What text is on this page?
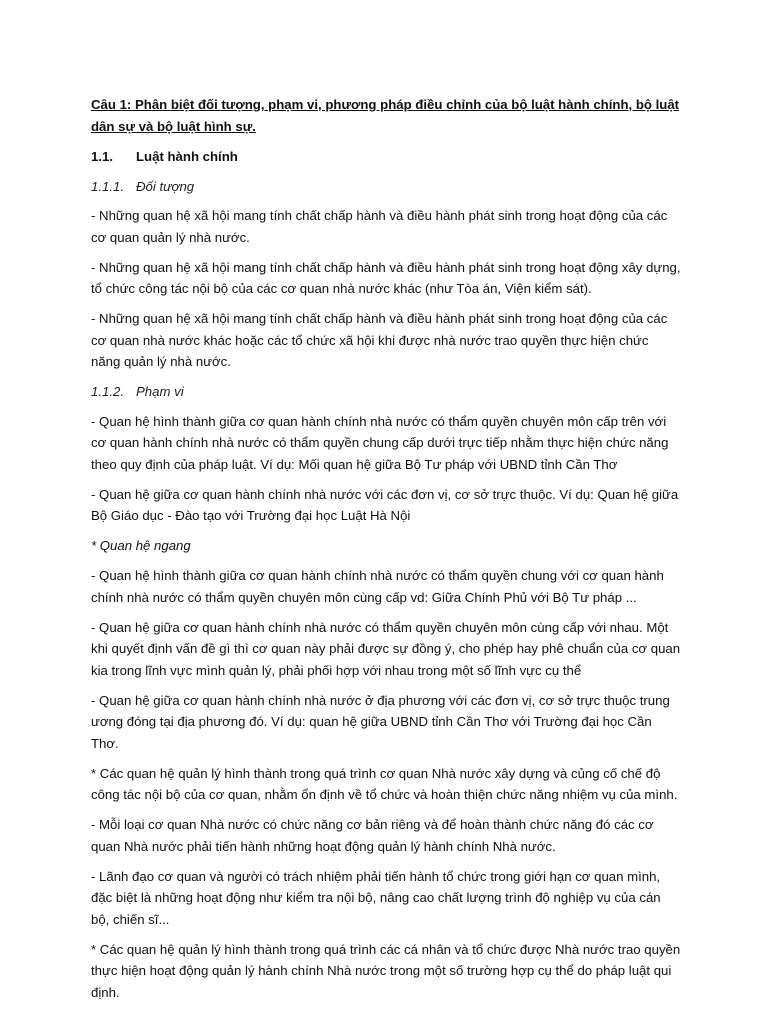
Câu 1: Phân biệt đối tượng, phạm vi, phương pháp điều chỉnh của bộ luật hành chính, bộ luật dân sự và bộ luật hình sự.
1.1.	Luật hành chính
1.1.1. Đối tượng
- Những quan hệ xã hội mang tính chất chấp hành và điều hành phát sinh trong hoạt động của các cơ quan quản lý nhà nước.
- Những quan hệ xã hội mang tính chất chấp hành và điều hành phát sinh trong hoạt động xây dựng, tổ chức công tác nội bộ của các cơ quan nhà nước khác (như Tòa án, Viện kiểm sát).
- Những quan hệ xã hội mang tính chất chấp hành và điều hành phát sinh trong hoạt động của các cơ quan nhà nước khác hoặc các tổ chức xã hội khi được nhà nước trao quyền thực hiện chức năng quản lý nhà nước.
1.1.2. Phạm vi
- Quan hệ hình thành giữa cơ quan hành chính nhà nước có thẩm quyền chuyên môn cấp trên với cơ quan hành chính nhà nước có thẩm quyền chung cấp dưới trực tiếp nhằm thực hiện chức năng theo quy định của pháp luật. Ví dụ: Mối quan hệ giữa Bộ Tư pháp với UBND tỉnh Cần Thơ
- Quan hệ giữa cơ quan hành chính nhà nước với các đơn vị, cơ sở trực thuộc. Ví dụ: Quan hệ giữa Bộ Giáo dục - Đào tạo với Trường đại học Luật Hà Nội
* Quan hệ ngang
- Quan hệ hình thành giữa cơ quan hành chính nhà nước có thẩm quyền chung với cơ quan hành chính nhà nước có thẩm quyền chuyên môn cùng cấp vd: Giữa Chính Phủ với Bộ Tư pháp ...
- Quan hệ giữa cơ quan hành chính nhà nước có thẩm quyền chuyên môn cùng cấp với nhau. Một khi quyết định vấn đề gì thì cơ quan này phải được sự đồng ý, cho phép hay phê chuẩn của cơ quan kia trong lĩnh vực mình quản lý, phải phối hợp với nhau trong một số lĩnh vực cụ thể
- Quan hệ giữa cơ quan hành chính nhà nước ở địa phương với các đơn vị, cơ sở trực thuộc trung ương đóng tại địa phương đó. Ví dụ: quan hệ giữa UBND tỉnh Cần Thơ với Trường đại học Cần Thơ.
* Các quan hệ quản lý hình thành trong quá trình cơ quan Nhà nước xây dựng và củng cố chế độ công tác nội bộ của cơ quan, nhằm ổn định về tổ chức và hoàn thiện chức năng nhiệm vụ của mình.
- Mỗi loại cơ quan Nhà nước có chức năng cơ bản riêng và để hoàn thành chức năng đó các cơ quan Nhà nước phải tiến hành những hoạt động quản lý hành chính Nhà nước.
- Lãnh đạo cơ quan và người có trách nhiệm phải tiến hành tổ chức trong giới hạn cơ quan mình, đặc biệt là những hoạt động như kiểm tra nội bộ, nâng cao chất lượng trình độ nghiệp vụ của cán bộ, chiến sĩ...
* Các quan hệ quản lý hình thành trong quá trình các cá nhân và tổ chức được Nhà nước trao quyền thực hiện hoạt động quản lý hành chính Nhà nước trong một số trường hợp cụ thể do pháp luật qui định.
